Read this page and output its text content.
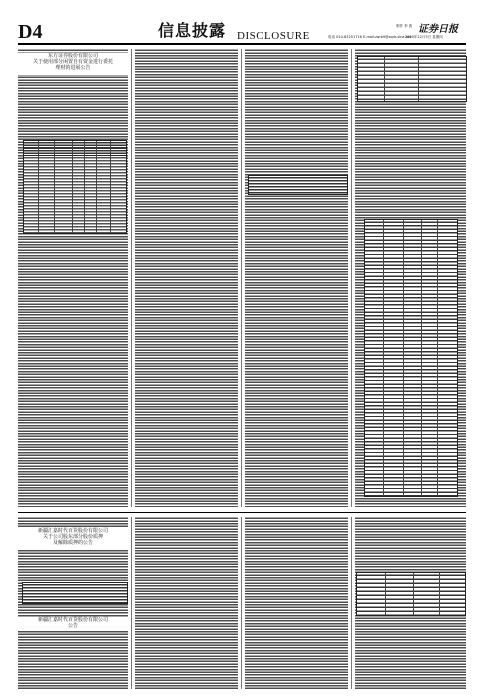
D4	信息披露 DISCLOSURE
制作 李 波 证券日报
电话 010-83251716 E-mail:zqrb9@zqrb.sina.net
2020年12月3日 星期四
东方证券股份有限公司
关于使用部分闲置自有资金进行委托
理财的进展公告
新疆汇嘉时代百货股份有限公司
关于公司股东部分股份质押
及解除质押的公告
新疆汇嘉时代百货股份有限公司
公告
